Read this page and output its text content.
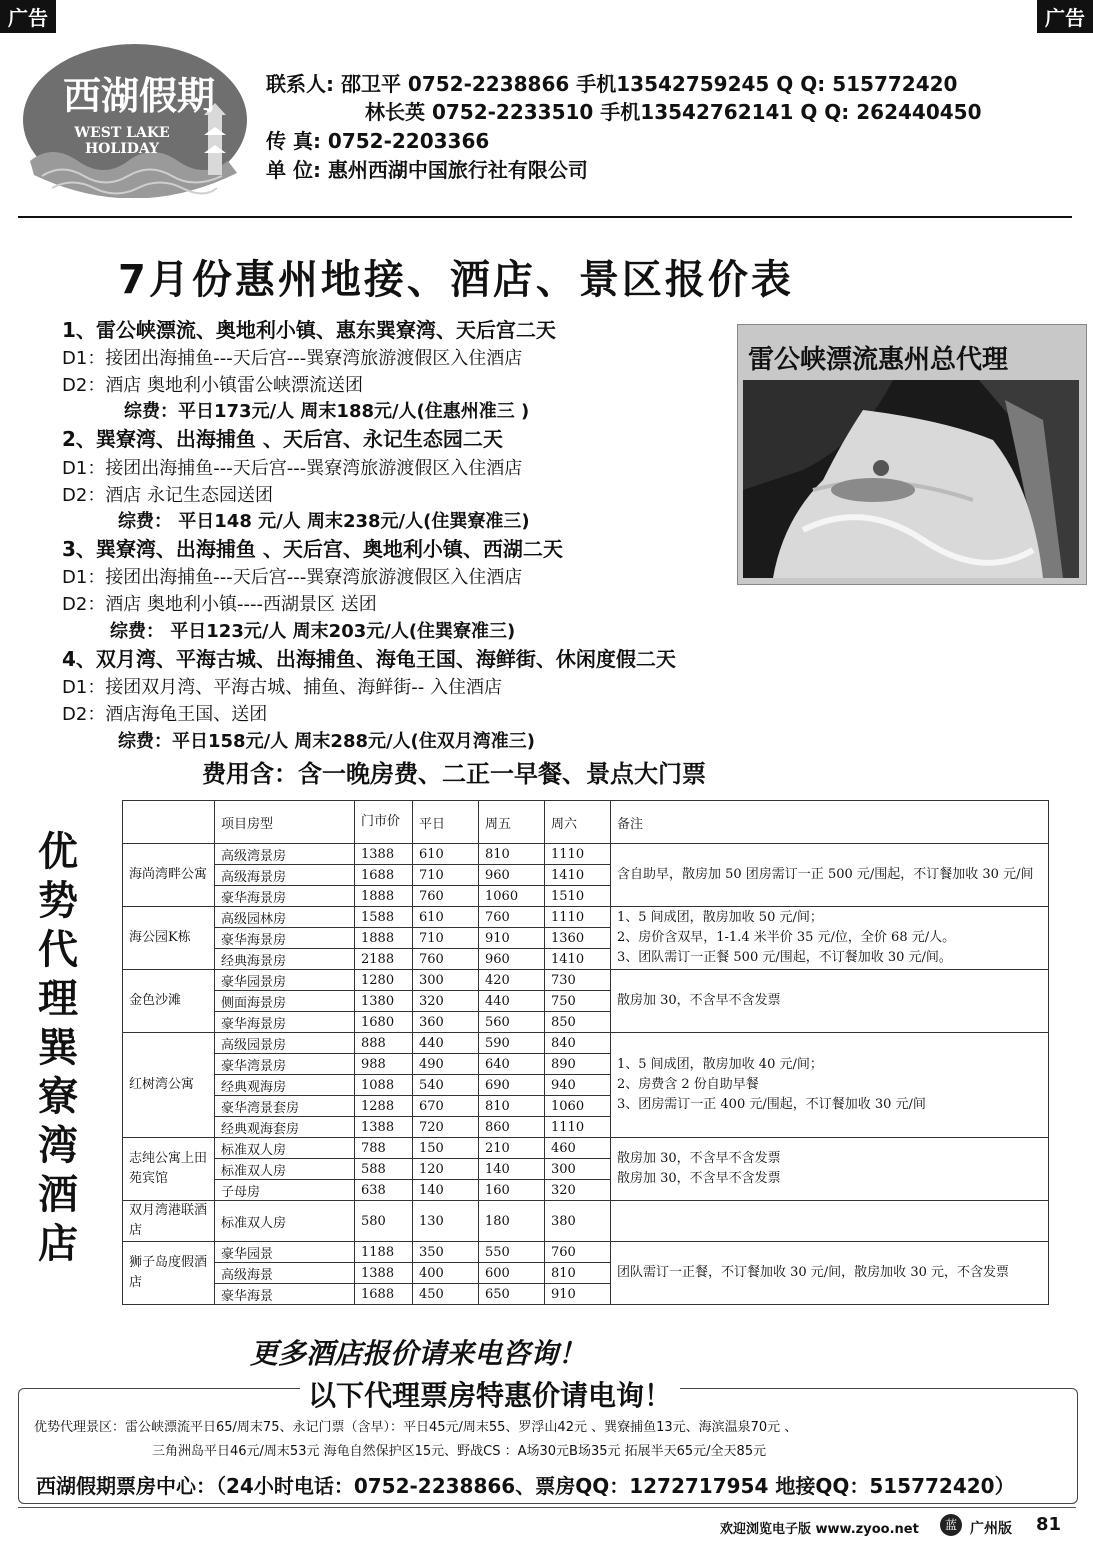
广告	广告
西湖假期
WEST LAKE HOLIDAY
联系人: 邵卫平 0752-2238866 手机13542759245 Q Q: 515772420
林长英 0752-2233510 手机13542762141 Q Q: 262440450
传 真: 0752-2203366
单 位: 惠州西湖中国旅行社有限公司
7月份惠州地接、酒店、景区报价表
雷公峡漂流惠州总代理
1、雷公峡漂流、奥地利小镇、惠东巽寮湾、天后宫二天
D1：接团出海捕鱼---天后宫---巽寮湾旅游渡假区入住酒店
D2：酒店 奥地利小镇雷公峡漂流送团
综费：平日173元/人 周末188元/人(住惠州准三 )
2、巽寮湾、出海捕鱼 、天后宫、永记生态园二天
D1：接团出海捕鱼---天后宫---巽寮湾旅游渡假区入住酒店
D2：酒店 永记生态园送团
综费： 平日148 元/人 周末238元/人(住巽寮准三)
3、巽寮湾、出海捕鱼 、天后宫、奥地利小镇、西湖二天
D1：接团出海捕鱼---天后宫---巽寮湾旅游渡假区入住酒店
D2：酒店 奥地利小镇----西湖景区 送团
综费： 平日123元/人 周末203元/人(住巽寮准三)
4、双月湾、平海古城、出海捕鱼、海龟王国、海鲜街、休闲度假二天
D1：接团双月湾、平海古城、捕鱼、海鲜街-- 入住酒店
D2：酒店海龟王国、送团
综费：平日158元/人 周末288元/人(住双月湾准三)
费用含：含一晚房费、二正一早餐、景点大门票
优
势
代
理
巽
寮
湾
酒
店
	项目房型	门市价	平日	周五	周六	备注
海尚湾畔公寓	高级湾景房	1388	610	810	1110	含自助早，散房加 50 团房需订一正 500 元/围起，不订餐加收 30 元/间
	高级海景房	1688	710	960	1410	
	豪华海景房	1888	760	1060	1510	
海公园K栋	高级园林房	1588	610	760	1110	1、5 间成团，散房加收 50 元/间；
2、房价含双早，1-1.4 米半价 35 元/位，全价 68 元/人。
3、团队需订一正餐 500 元/围起，不订餐加收 30 元/间。
	豪华海景房	1888	710	910	1360	
	经典海景房	2188	760	960	1410	
金色沙滩	豪华园景房	1280	300	420	730	散房加 30，不含早不含发票
	侧面海景房	1380	320	440	750	
	豪华海景房	1680	360	560	850	
红树湾公寓	高级园景房	888	440	590	840	1、5 间成团，散房加收 40 元/间；
2、房费含 2 份自助早餐
3、团房需订一正 400 元/围起，不订餐加收 30 元/间
	豪华湾景房	988	490	640	890	
	经典观海房	1088	540	690	940	
	豪华湾景套房	1288	670	810	1060	
	经典观海套房	1388	720	860	1110	
志纯公寓上田苑宾馆	标准双人房	788	150	210	460	散房加 30，不含早不含发票
散房加 30，不含早不含发票
	标准双人房	588	120	140	300	
	子母房	638	140	160	320	
双月湾港联酒店	标准双人房	580	130	180	380	
狮子岛度假酒店	豪华园景	1188	350	550	760	团队需订一正餐，不订餐加收 30 元/间，散房加收 30 元，不含发票
	高级海景	1388	400	600	810	
	豪华海景	1688	450	650	910	
更多酒店报价请来电咨询！
以下代理票房特惠价请电询！
优势代理景区：雷公峡漂流平日65/周末75、永记门票（含早）：平日45元/周末55、罗浮山42元 、巽寮捕鱼13元、海滨温泉70元 、
三角洲岛平日46元/周末53元 海龟自然保护区15元、野战CS ：A场30元B场35元 拓展半天65元/全天85元
西湖假期票房中心：（24小时电话：0752-2238866、票房QQ：1272717954 地接QQ：515772420）
欢迎浏览电子版 www.zyoo.net	蓝 广州版 81
